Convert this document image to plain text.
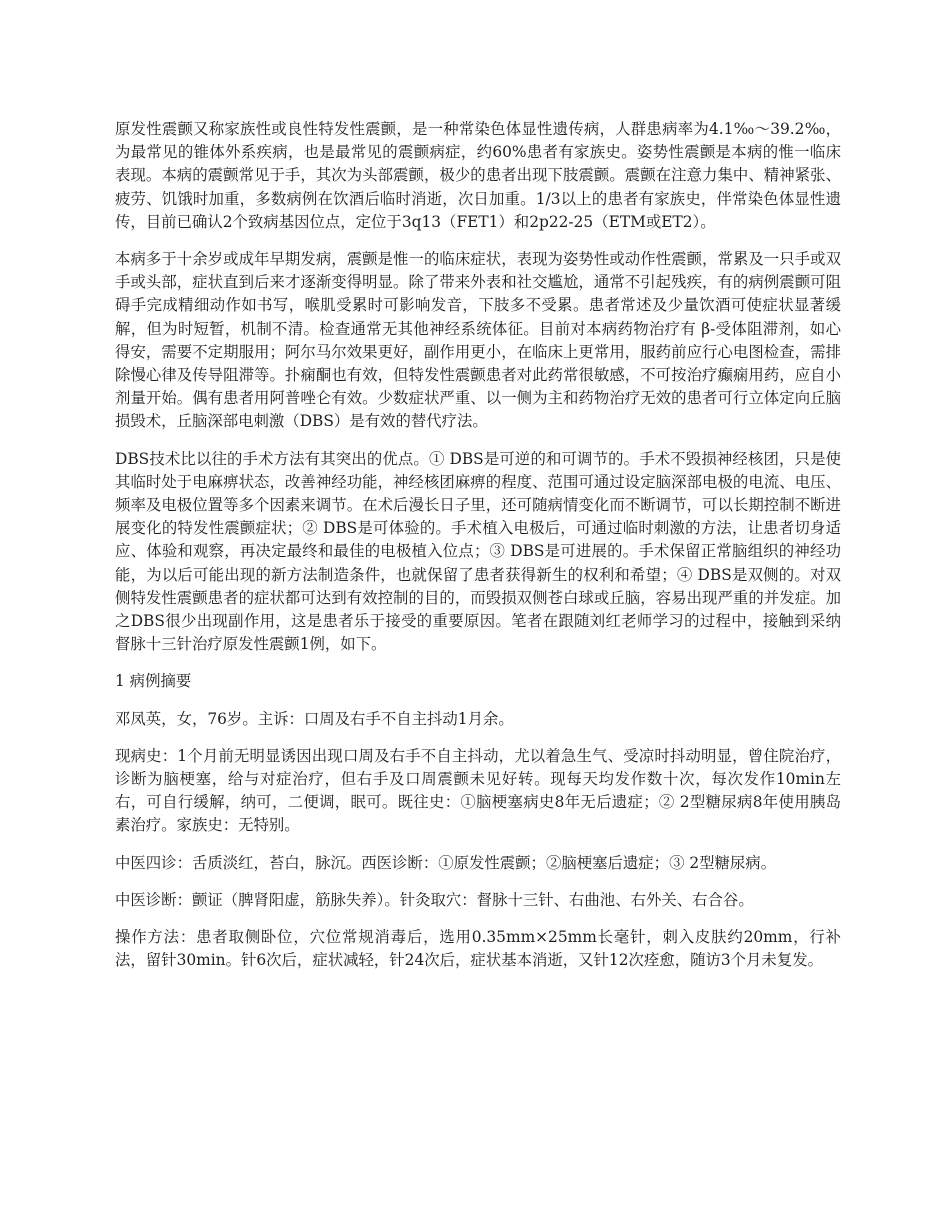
原发性震颤又称家族性或良性特发性震颤，是一种常染色体显性遗传病，人群患病率为4.1‰～39.2‰，为最常见的锥体外系疾病，也是最常见的震颤病症，约60%患者有家族史。姿势性震颤是本病的惟一临床表现。本病的震颤常见于手，其次为头部震颤，极少的患者出现下肢震颤。震颤在注意力集中、精神紧张、疲劳、饥饿时加重，多数病例在饮酒后临时消逝，次日加重。1/3以上的患者有家族史，伴常染色体显性遗传，目前已确认2个致病基因位点，定位于3q13（FET1）和2p22-25（ETM或ET2）。

本病多于十余岁或成年早期发病，震颤是惟一的临床症状，表现为姿势性或动作性震颤，常累及一只手或双手或头部，症状直到后来才逐渐变得明显。除了带来外表和社交尴尬，通常不引起残疾，有的病例震颤可阻碍手完成精细动作如书写，喉肌受累时可影响发音，下肢多不受累。患者常述及少量饮酒可使症状显著缓解，但为时短暂，机制不清。检查通常无其他神经系统体征。目前对本病药物治疗有 β-受体阻滞剂，如心得安，需要不定期服用；阿尔马尔效果更好，副作用更小，在临床上更常用，服药前应行心电图检查，需排除慢心律及传导阻滞等。扑痫酮也有效，但特发性震颤患者对此药常很敏感，不可按治疗癫痫用药，应自小剂量开始。偶有患者用阿普唑仑有效。少数症状严重、以一侧为主和药物治疗无效的患者可行立体定向丘脑损毁术，丘脑深部电刺激（DBS）是有效的替代疗法。

DBS技术比以往的手术方法有其突出的优点。① DBS是可逆的和可调节的。手术不毁损神经核团，只是使其临时处于电麻痹状态，改善神经功能，神经核团麻痹的程度、范围可通过设定脑深部电极的电流、电压、频率及电极位置等多个因素来调节。在术后漫长日子里，还可随病情变化而不断调节，可以长期控制不断进展变化的特发性震颤症状；② DBS是可体验的。手术植入电极后，可通过临时刺激的方法，让患者切身适应、体验和观察，再决定最终和最佳的电极植入位点；③ DBS是可进展的。手术保留正常脑组织的神经功能，为以后可能出现的新方法制造条件，也就保留了患者获得新生的权利和希望；④ DBS是双侧的。对双侧特发性震颤患者的症状都可达到有效控制的目的，而毁损双侧苍白球或丘脑，容易出现严重的并发症。加之DBS很少出现副作用，这是患者乐于接受的重要原因。笔者在跟随刘红老师学习的过程中，接触到采纳督脉十三针治疗原发性震颤1例，如下。

1 病例摘要

邓凤英，女，76岁。主诉：口周及右手不自主抖动1月余。

现病史：1个月前无明显诱因出现口周及右手不自主抖动，尤以着急生气、受凉时抖动明显，曾住院治疗，诊断为脑梗塞，给与对症治疗，但右手及口周震颤未见好转。现每天均发作数十次，每次发作10min左右，可自行缓解，纳可，二便调，眠可。既往史：①脑梗塞病史8年无后遗症；② 2型糖尿病8年使用胰岛素治疗。家族史：无特别。

中医四诊：舌质淡红，苔白，脉沉。西医诊断：①原发性震颤；②脑梗塞后遗症；③ 2型糖尿病。

中医诊断：颤证（脾肾阳虚，筋脉失养）。针灸取穴：督脉十三针、右曲池、右外关、右合谷。

操作方法：患者取侧卧位，穴位常规消毒后，选用0.35mm×25mm长毫针，刺入皮肤约20mm，行补法，留针30min。针6次后，症状减轻，针24次后，症状基本消逝，又针12次痊愈，随访3个月未复发。
